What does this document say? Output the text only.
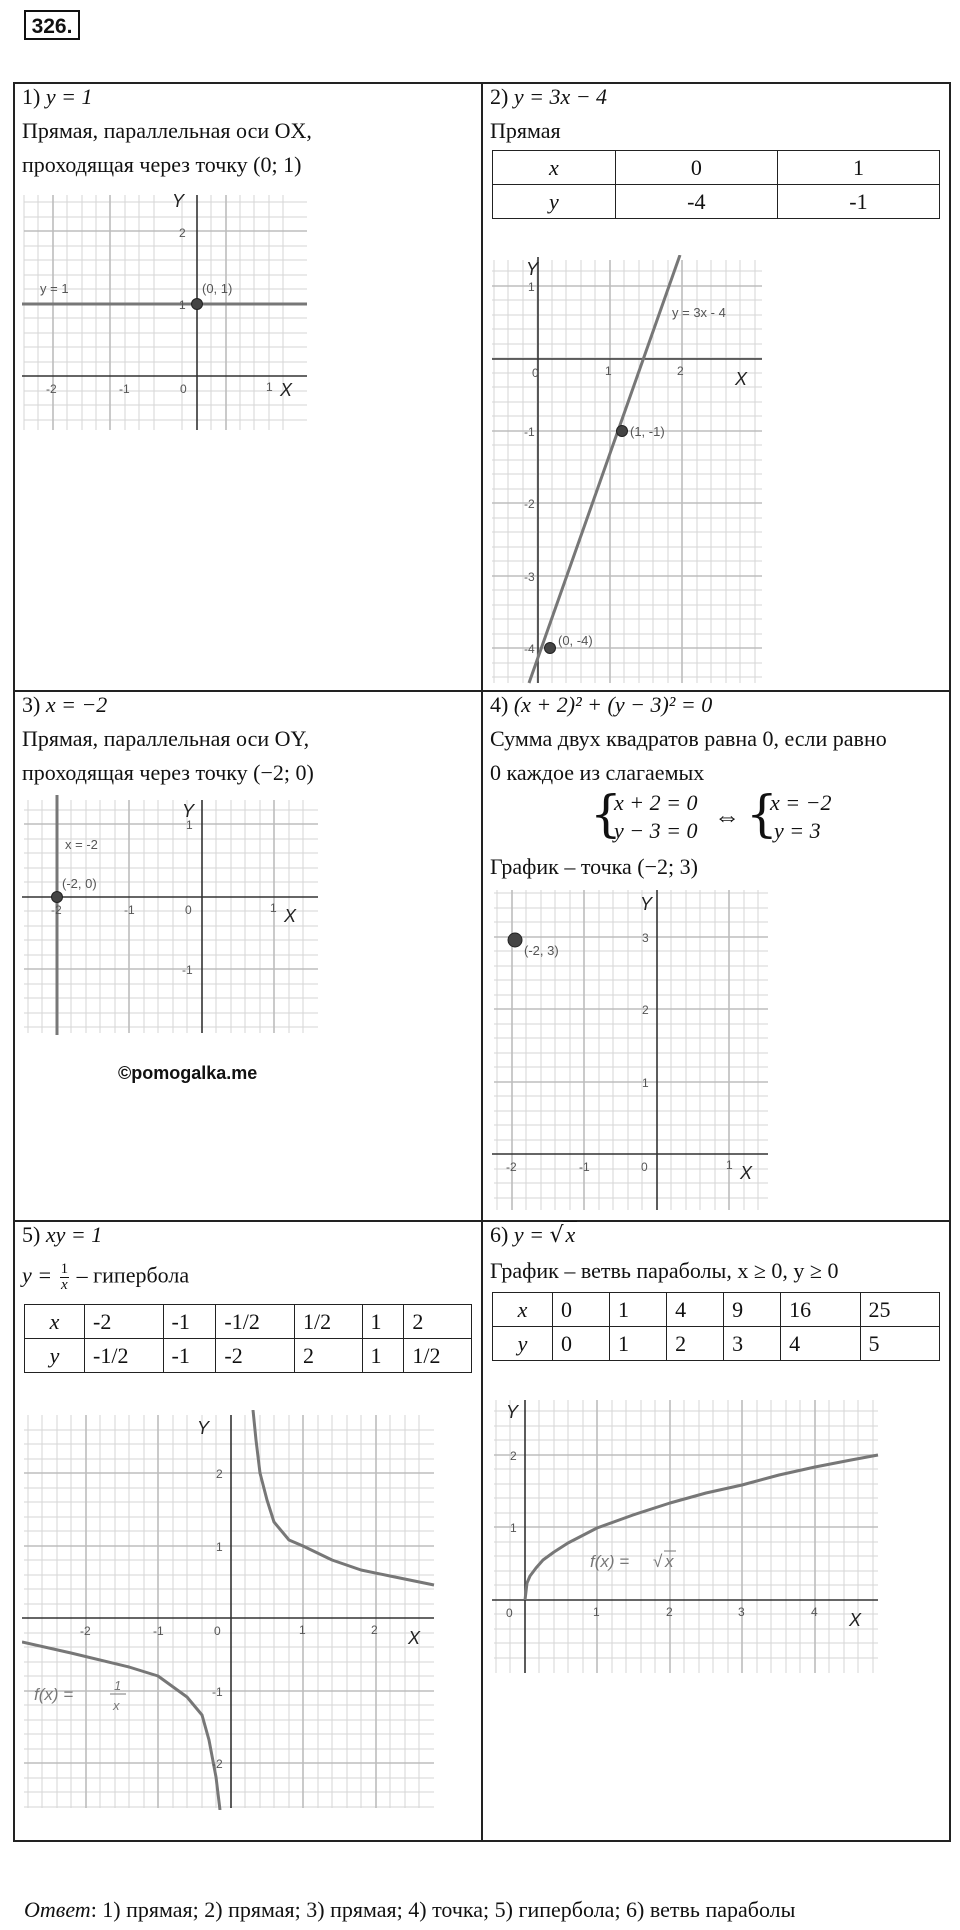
326.
1) y = 1
Прямая, параллельная оси OX,
проходящая через точку (0; 1)
Y
X
y = 1	(0, 1)
-2	-1	0	1
2
1
2) y = 3x − 4
Прямая
x	0	1
y	-4	-1
Y
X
y = 3x - 4
(1, -1)
(0, -4)
0	1	2
1
-1
-2
-3
-4
3) x = −2
Прямая, параллельная оси OY,
проходящая через точку (−2; 0)
Y
X
x = -2
(-2, 0)
-2	-1	0	1
1
-1
©pomogalka.me
4) (x + 2)² + (y − 3)² = 0
Сумма двух квадратов равна 0, если равно
0 каждое из слагаемых
{
x + 2 = 0
y − 3 = 0 ⇔ {
x = −2
y = 3
График – точка (−2; 3)
Y
X
(-2, 3)
-2	-1	0	1
3
2
1
5) xy = 1
$y = \frac{1}{x}$ – гипербола
x	-2	-1	-1/2	1/2	1	2
y	-1/2	-1	-2	2	1	1/2
Y
X
f(x) =	1
x
-2	-1	0	1	2
2
1
-1
-2
6) y = √x
График – ветвь параболы, x ≥ 0, y ≥ 0
x	0	1	4	9	16	25
y	0	1	2	3	4	5
Y
X
f(x) = √ x
0	1	2	3	4
2
1
Ответ: 1) прямая; 2) прямая; 3) прямая; 4) точка; 5) гипербола; 6) ветвь параболы
